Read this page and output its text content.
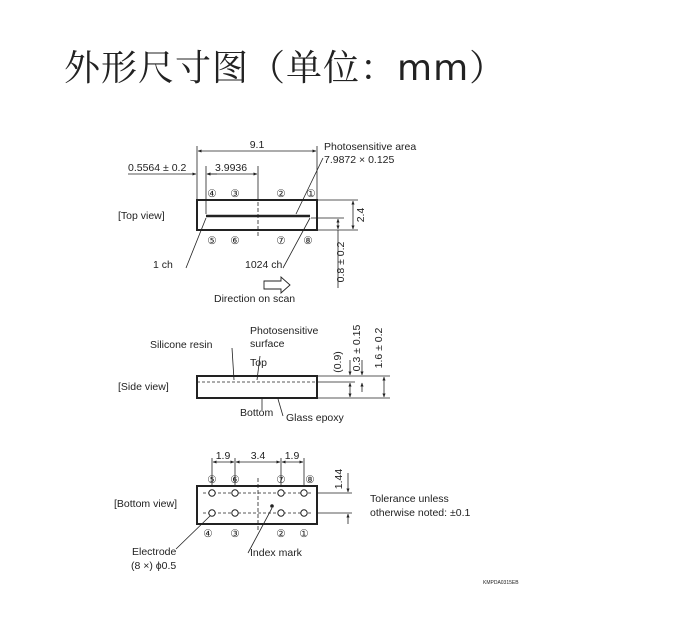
外形尺寸图（单位：mm）
9.1
0.5564 ± 0.2	3.9936
Photosensitive area
7.9872 × 0.125
[Top view]
④ ③	② ①
⑤ ⑥	⑦ ⑧
2.4
0.8 ± 0.2
1 ch	1024 ch
Direction on scan
Photosensitive
surface
Silicone resin
Top
[Side view]
Bottom Glass epoxy
(0.9) 0.3 ± 0.15 1.6 ± 0.2
1.9 3.4 1.9
⑤ ⑥	⑦ ⑧
④ ③	② ①
1.44
[Bottom view]	Tolerance unless
otherwise noted: ±0.1
Electrode
(8 ×) ϕ0.5
Index mark
KMPDA0315EB
